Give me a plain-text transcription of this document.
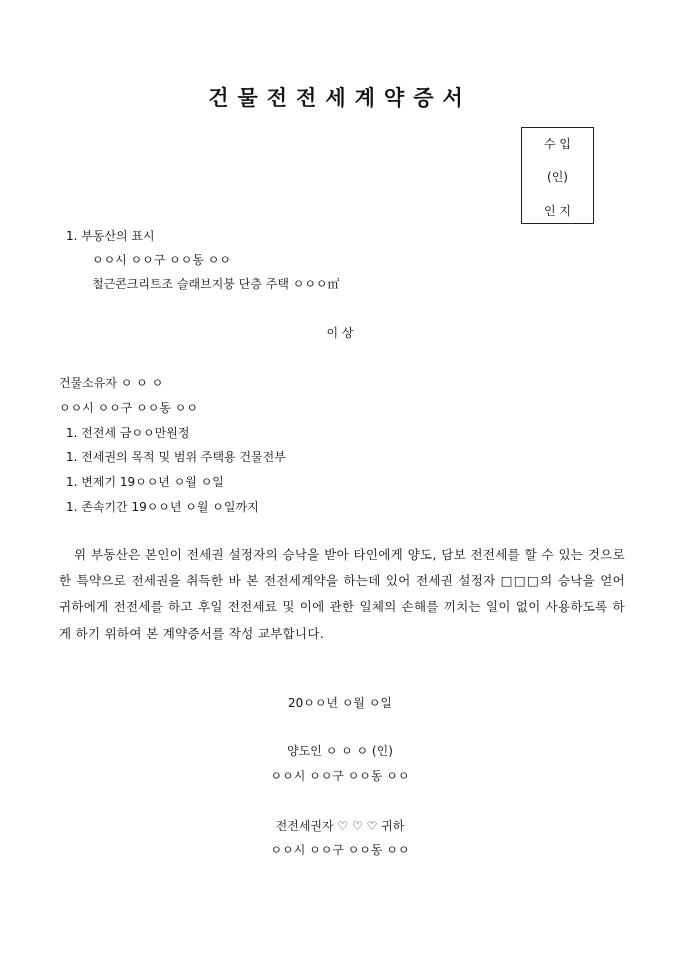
건물전전세계약증서
수 입
(인)
인 지
1. 부동산의 표시
ㅇㅇ시 ㅇㅇ구 ㅇㅇ동 ㅇㅇ
철근콘크리트조 슬래브지붕 단층 주택 ㅇㅇㅇ㎡
이 상
건물소유자 ㅇ ㅇ ㅇ
ㅇㅇ시 ㅇㅇ구 ㅇㅇ동 ㅇㅇ
1. 전전세 금ㅇㅇ만원정
1. 전세권의 목적 및 범위 주택용 건물전부
1. 변제기 19ㅇㅇ년 ㅇ월 ㅇ일
1. 존속기간 19ㅇㅇ년 ㅇ월 ㅇ일까지
위 부동산은 본인이 전세권 설정자의 승낙을 받아 타인에게 양도, 담보 전전세를 할 수 있는 것으로 한 특약으로 전세권을 취득한 바 본 전전세계약을 하는데 있어 전세권 설정자 □□□의 승낙을 얻어 귀하에게 전전세를 하고 후일 전전세료 및 이에 관한 일체의 손해를 끼치는 일이 없이 사용하도록 하게 하기 위하여 본 계약증서를 작성 교부합니다.
20ㅇㅇ년 ㅇ월 ㅇ일
양도인 ㅇ ㅇ ㅇ (인)
ㅇㅇ시 ㅇㅇ구 ㅇㅇ동 ㅇㅇ
전전세권자 ♡ ♡ ♡ 귀하
ㅇㅇ시 ㅇㅇ구 ㅇㅇ동 ㅇㅇ
